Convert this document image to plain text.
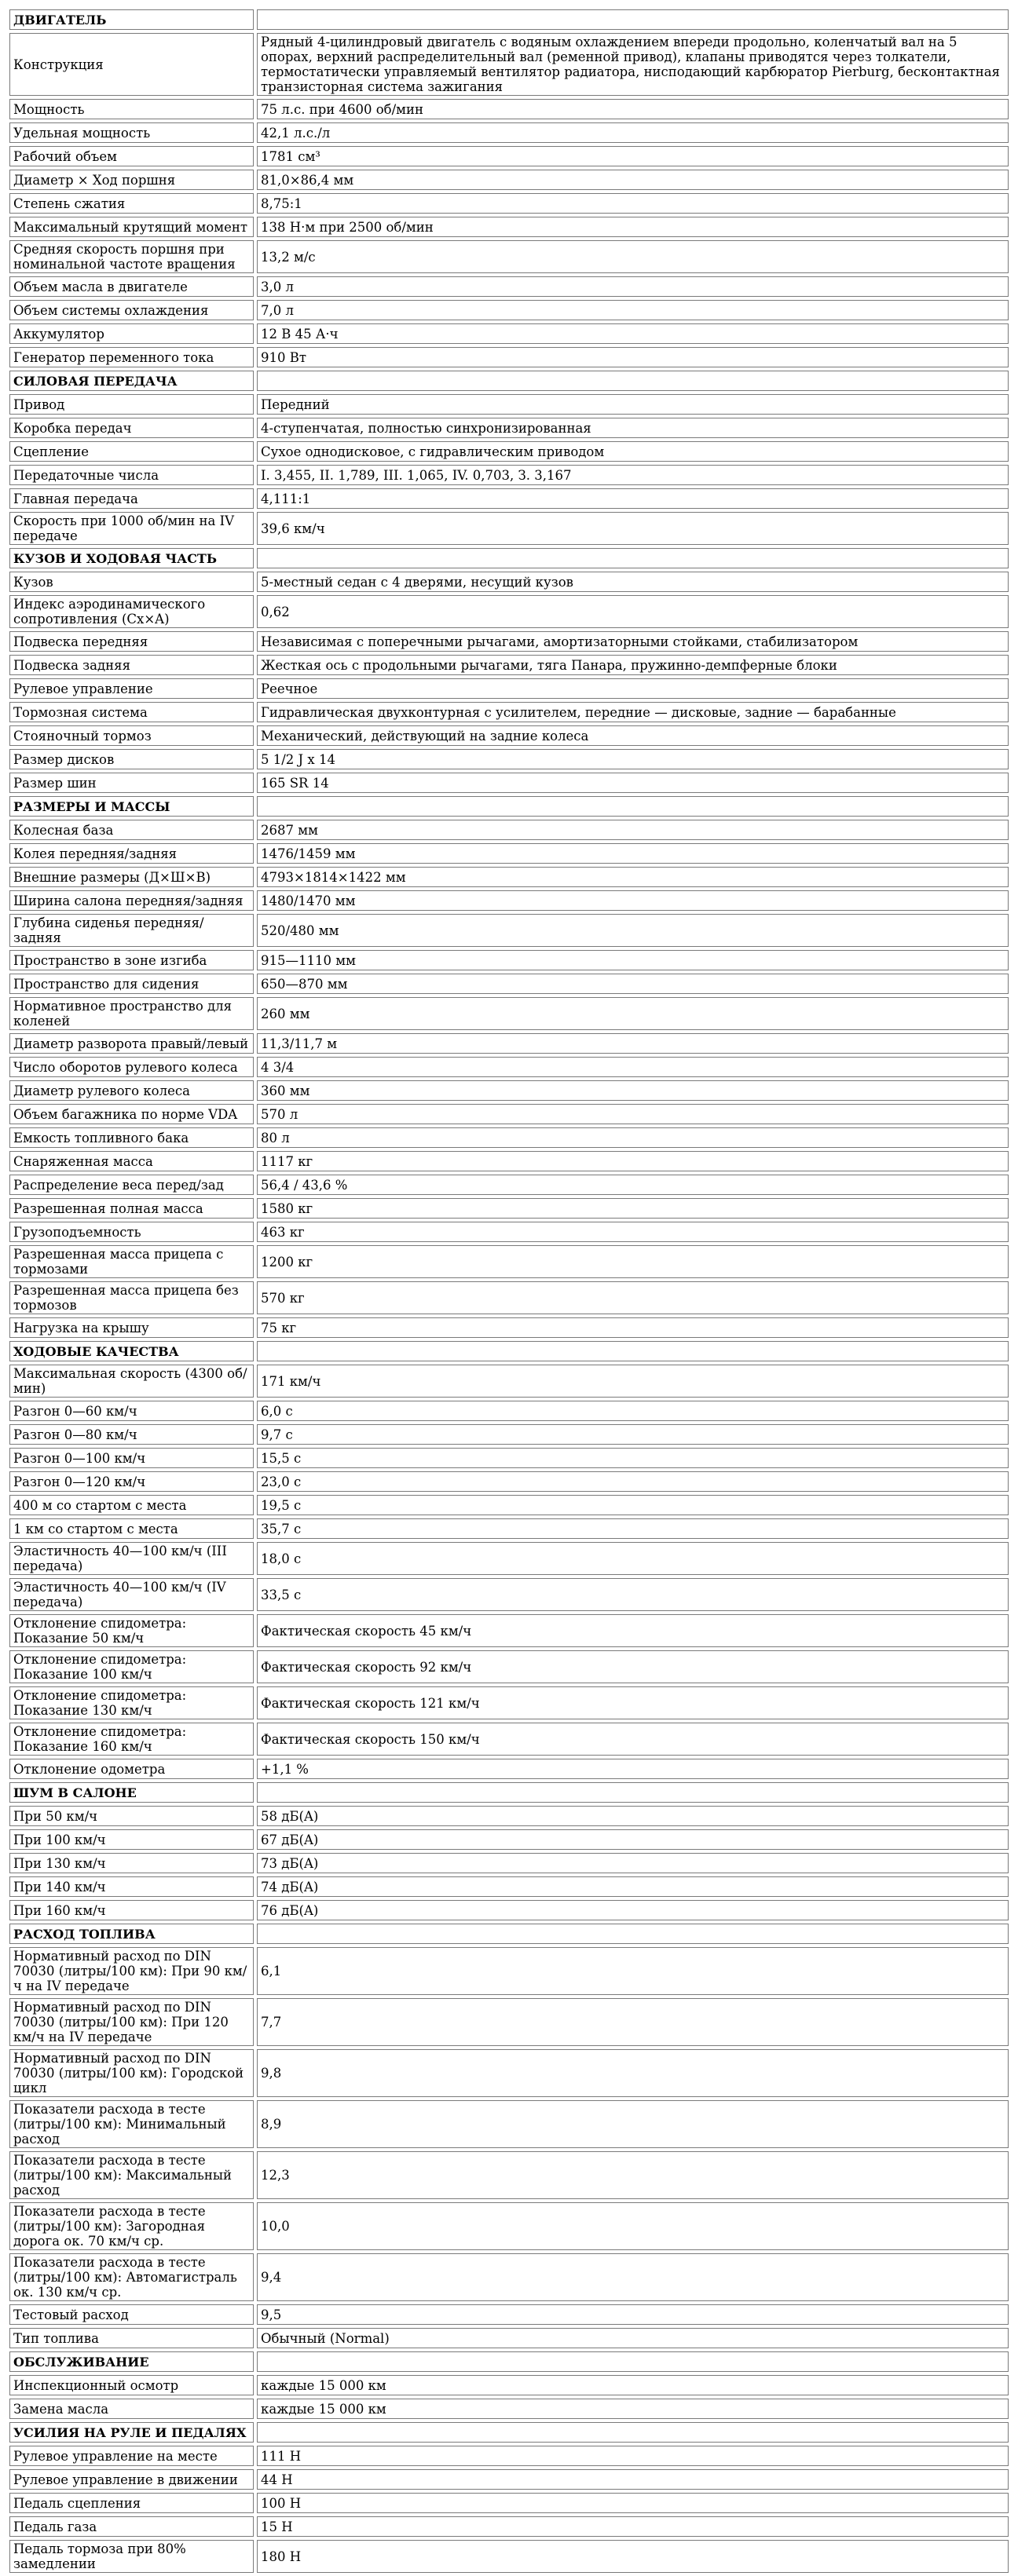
ДВИГАТЕЛЬ	
Конструкция	Рядный 4-цилиндровый двигатель с водяным охлаждением впереди продольно, коленчатый вал на 5 опорах, верхний распределительный вал (ременной привод), клапаны приводятся через толкатели, термостатически управляемый вентилятор радиатора, нисподающий карбюратор Pierburg, бесконтактная транзисторная система зажигания
Мощность	75 л.с. при 4600 об/мин
Удельная мощность	42,1 л.с./л
Рабочий объем	1781 см³
Диаметр × Ход поршня	81,0×86,4 мм
Степень сжатия	8,75:1
Максимальный крутящий момент	138 Н·м при 2500 об/мин
Средняя скорость поршня при номинальной частоте вращения	13,2 м/с
Объем масла в двигателе	3,0 л
Объем системы охлаждения	7,0 л
Аккумулятор	12 В 45 А·ч
Генератор переменного тока	910 Вт
СИЛОВАЯ ПЕРЕДАЧА	
Привод	Передний
Коробка передач	4-ступенчатая, полностью синхронизированная
Сцепление	Сухое однодисковое, с гидравлическим приводом
Передаточные числа	I. 3,455, II. 1,789, III. 1,065, IV. 0,703, З. 3,167
Главная передача	4,111:1
Скорость при 1000 об/мин на IV передаче	39,6 км/ч
КУЗОВ И ХОДОВАЯ ЧАСТЬ	
Кузов	5-местный седан с 4 дверями, несущий кузов
Индекс аэродинамического сопротивления (Cx×A)	0,62
Подвеска передняя	Независимая с поперечными рычагами, амортизаторными стойками, стабилизатором
Подвеска задняя	Жесткая ось с продольными рычагами, тяга Панара, пружинно-демпферные блоки
Рулевое управление	Реечное
Тормозная система	Гидравлическая двухконтурная с усилителем, передние — дисковые, задние — барабанные
Стояночный тормоз	Механический, действующий на задние колеса
Размер дисков	5 1/2 J x 14
Размер шин	165 SR 14
РАЗМЕРЫ И МАССЫ	
Колесная база	2687 мм
Колея передняя/задняя	1476/1459 мм
Внешние размеры (Д×Ш×В)	4793×1814×1422 мм
Ширина салона передняя/задняя	1480/1470 мм
Глубина сиденья передняя/задняя	520/480 мм
Пространство в зоне изгиба	915—1110 мм
Пространство для сидения	650—870 мм
Нормативное пространство для коленей	260 мм
Диаметр разворота правый/левый	11,3/11,7 м
Число оборотов рулевого колеса	4 3/4
Диаметр рулевого колеса	360 мм
Объем багажника по норме VDA	570 л
Емкость топливного бака	80 л
Снаряженная масса	1117 кг
Распределение веса перед/зад	56,4 / 43,6 %
Разрешенная полная масса	1580 кг
Грузоподъемность	463 кг
Разрешенная масса прицепа с тормозами	1200 кг
Разрешенная масса прицепа без тормозов	570 кг
Нагрузка на крышу	75 кг
ХОДОВЫЕ КАЧЕСТВА	
Максимальная скорость (4300 об/мин)	171 км/ч
Разгон 0—60 км/ч	6,0 с
Разгон 0—80 км/ч	9,7 с
Разгон 0—100 км/ч	15,5 с
Разгон 0—120 км/ч	23,0 с
400 м со стартом с места	19,5 с
1 км со стартом с места	35,7 с
Эластичность 40—100 км/ч (III передача)	18,0 с
Эластичность 40—100 км/ч (IV передача)	33,5 с
Отклонение спидометра: Показание 50 км/ч	Фактическая скорость 45 км/ч
Отклонение спидометра: Показание 100 км/ч	Фактическая скорость 92 км/ч
Отклонение спидометра: Показание 130 км/ч	Фактическая скорость 121 км/ч
Отклонение спидометра: Показание 160 км/ч	Фактическая скорость 150 км/ч
Отклонение одометра	+1,1 %
ШУМ В САЛОНЕ	
При 50 км/ч	58 дБ(A)
При 100 км/ч	67 дБ(A)
При 130 км/ч	73 дБ(A)
При 140 км/ч	74 дБ(A)
При 160 км/ч	76 дБ(A)
РАСХОД ТОПЛИВА	
Нормативный расход по DIN 70030 (литры/100 км): При 90 км/ч на IV передаче	6,1
Нормативный расход по DIN 70030 (литры/100 км): При 120 км/ч на IV передаче	7,7
Нормативный расход по DIN 70030 (литры/100 км): Городской цикл	9,8
Показатели расхода в тесте (литры/100 км): Минимальный расход	8,9
Показатели расхода в тесте (литры/100 км): Максимальный расход	12,3
Показатели расхода в тесте (литры/100 км): Загородная дорога ок. 70 км/ч ср.	10,0
Показатели расхода в тесте (литры/100 км): Автомагистраль ок. 130 км/ч ср.	9,4
Тестовый расход	9,5
Тип топлива	Обычный (Normal)
ОБСЛУЖИВАНИЕ	
Инспекционный осмотр	каждые 15 000 км
Замена масла	каждые 15 000 км
УСИЛИЯ НА РУЛЕ И ПЕДАЛЯХ	
Рулевое управление на месте	111 Н
Рулевое управление в движении	44 Н
Педаль сцепления	100 Н
Педаль газа	15 Н
Педаль тормоза при 80% замедлении	180 Н
